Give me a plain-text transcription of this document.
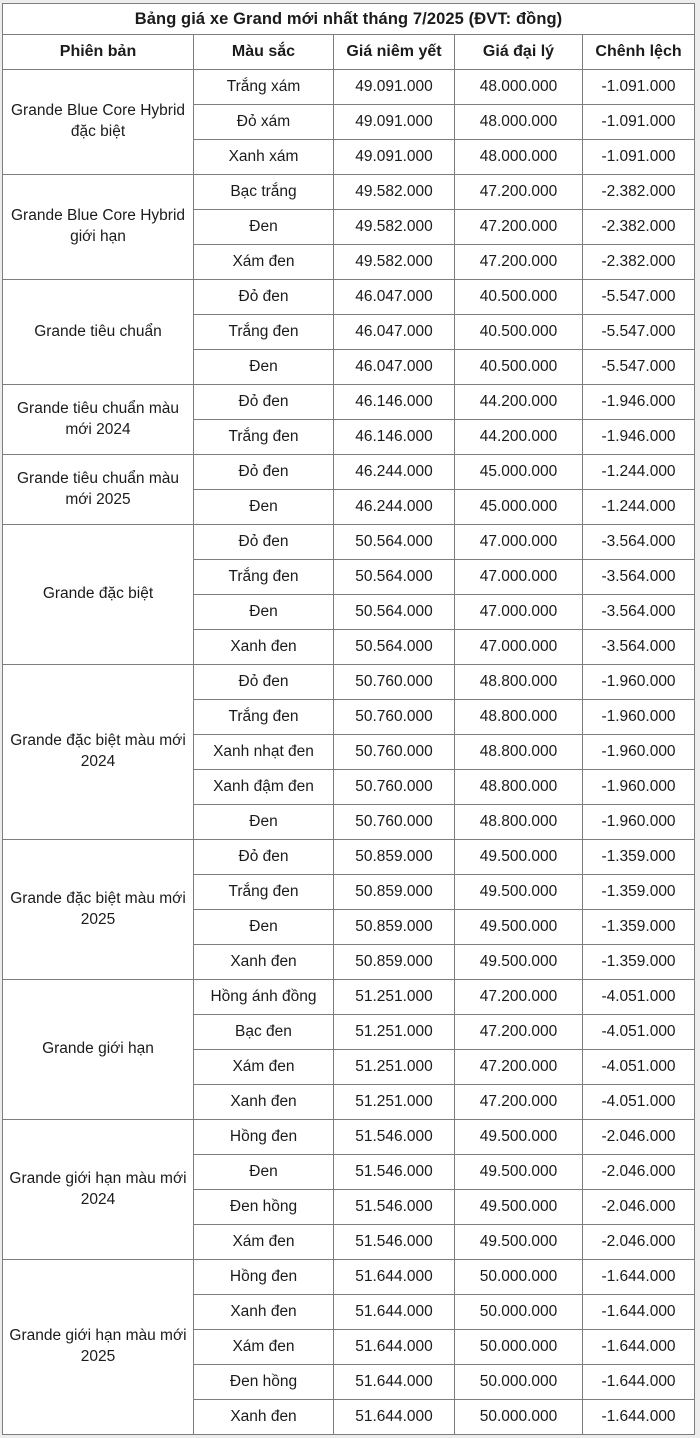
Bảng giá xe Grand mới nhất tháng 7/2025 (ĐVT: đồng)				
Phiên bản	Màu sắc	Giá niêm yết	Giá đại lý	Chênh lệch
Grande Blue Core Hybrid đặc biệt	Trắng xám	49.091.000	48.000.000	-1.091.000
	Đỏ xám	49.091.000	48.000.000	-1.091.000
	Xanh xám	49.091.000	48.000.000	-1.091.000
Grande Blue Core Hybrid giới hạn	Bạc trắng	49.582.000	47.200.000	-2.382.000
	Đen	49.582.000	47.200.000	-2.382.000
	Xám đen	49.582.000	47.200.000	-2.382.000
Grande tiêu chuẩn	Đỏ đen	46.047.000	40.500.000	-5.547.000
	Trắng đen	46.047.000	40.500.000	-5.547.000
	Đen	46.047.000	40.500.000	-5.547.000
Grande tiêu chuẩn màu mới 2024	Đỏ đen	46.146.000	44.200.000	-1.946.000
	Trắng đen	46.146.000	44.200.000	-1.946.000
Grande tiêu chuẩn màu mới 2025	Đỏ đen	46.244.000	45.000.000	-1.244.000
	Đen	46.244.000	45.000.000	-1.244.000
Grande đặc biệt	Đỏ đen	50.564.000	47.000.000	-3.564.000
	Trắng đen	50.564.000	47.000.000	-3.564.000
	Đen	50.564.000	47.000.000	-3.564.000
	Xanh đen	50.564.000	47.000.000	-3.564.000
Grande đặc biệt màu mới 2024	Đỏ đen	50.760.000	48.800.000	-1.960.000
	Trắng đen	50.760.000	48.800.000	-1.960.000
	Xanh nhạt đen	50.760.000	48.800.000	-1.960.000
	Xanh đậm đen	50.760.000	48.800.000	-1.960.000
	Đen	50.760.000	48.800.000	-1.960.000
Grande đặc biệt màu mới 2025	Đỏ đen	50.859.000	49.500.000	-1.359.000
	Trắng đen	50.859.000	49.500.000	-1.359.000
	Đen	50.859.000	49.500.000	-1.359.000
	Xanh đen	50.859.000	49.500.000	-1.359.000
Grande giới hạn	Hồng ánh đồng	51.251.000	47.200.000	-4.051.000
	Bạc đen	51.251.000	47.200.000	-4.051.000
	Xám đen	51.251.000	47.200.000	-4.051.000
	Xanh đen	51.251.000	47.200.000	-4.051.000
Grande giới hạn màu mới 2024	Hồng đen	51.546.000	49.500.000	-2.046.000
	Đen	51.546.000	49.500.000	-2.046.000
	Đen hồng	51.546.000	49.500.000	-2.046.000
	Xám đen	51.546.000	49.500.000	-2.046.000
Grande giới hạn màu mới 2025	Hồng đen	51.644.000	50.000.000	-1.644.000
	Xanh đen	51.644.000	50.000.000	-1.644.000
	Xám đen	51.644.000	50.000.000	-1.644.000
	Đen hồng	51.644.000	50.000.000	-1.644.000
	Xanh đen	51.644.000	50.000.000	-1.644.000
